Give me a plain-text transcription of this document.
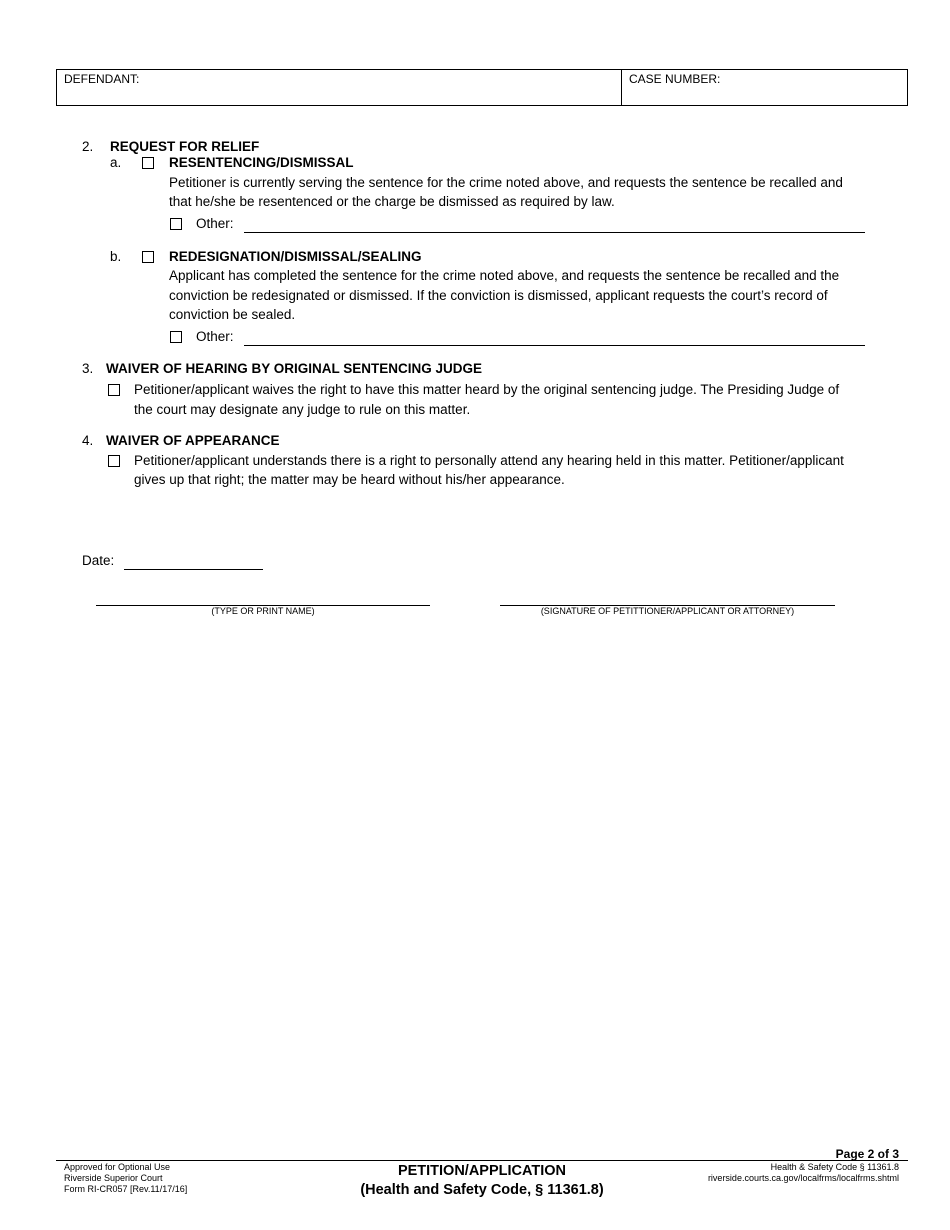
DEFENDANT:	CASE NUMBER:
2. REQUEST FOR RELIEF
a.	RESENTENCING/DISMISSAL
Petitioner is currently serving the sentence for the crime noted above, and requests the sentence be recalled and
that he/she be resentenced or the charge be dismissed as required by law.
Other:
b.	REDESIGNATION/DISMISSAL/SEALING
Applicant has completed the sentence for the crime noted above, and requests the sentence be recalled and the
conviction be redesignated or dismissed. If the conviction is dismissed, applicant requests the court’s record of
conviction be sealed.
Other:
3. WAIVER OF HEARING BY ORIGINAL SENTENCING JUDGE
Petitioner/applicant waives the right to have this matter heard by the original sentencing judge. The Presiding Judge of
the court may designate any judge to rule on this matter.
4. WAIVER OF APPEARANCE
Petitioner/applicant understands there is a right to personally attend any hearing held in this matter. Petitioner/applicant
gives up that right; the matter may be heard without his/her appearance.
Date:
(TYPE OR PRINT NAME)	(SIGNATURE OF PETITTIONER/APPLICANT OR ATTORNEY)
Page 2 of 3
Approved for Optional Use
Riverside Superior Court
Form RI-CR057 [Rev.11/17/16]
PETITION/APPLICATION
(Health and Safety Code, § 11361.8)
Health & Safety Code § 11361.8
riverside.courts.ca.gov/localfrms/localfrms.shtml
